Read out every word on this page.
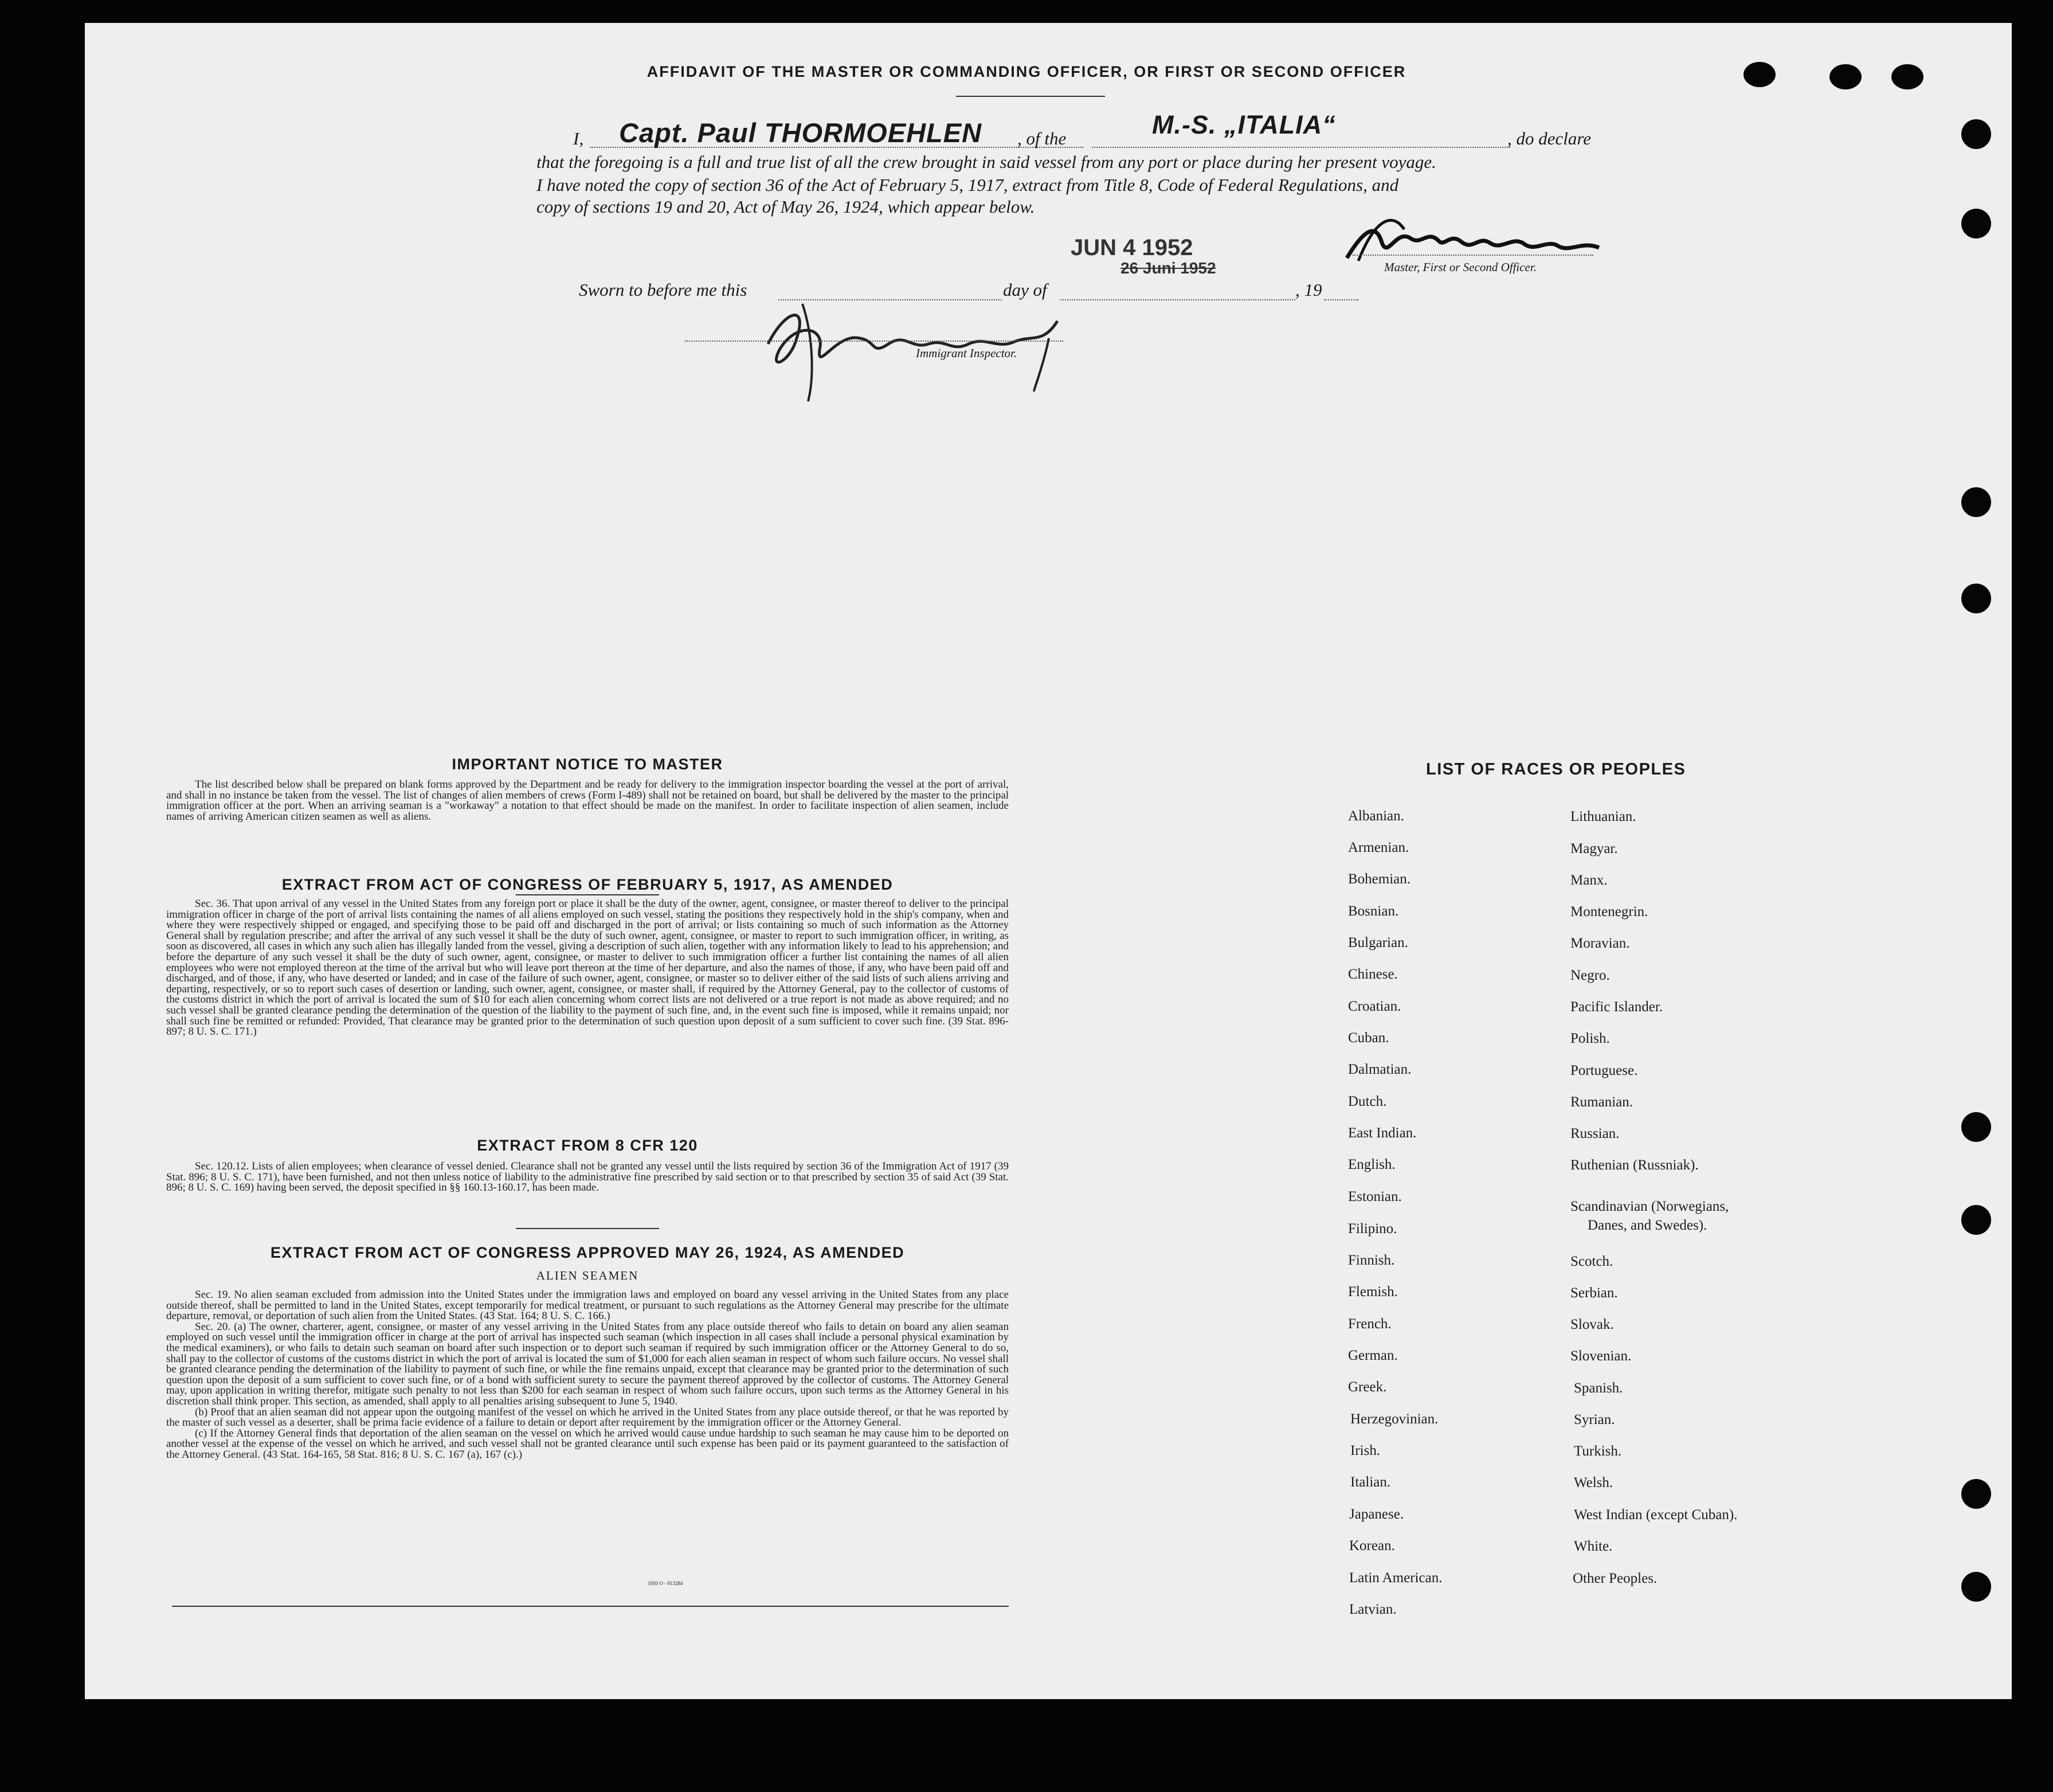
AFFIDAVIT OF THE MASTER OR COMMANDING OFFICER, OR FIRST OR SECOND OFFICER
I, Capt. Paul THORMOEHLEN , of the	M.-S. „ITALIA“	, do declare
that the foregoing is a full and true list of all the crew brought in said vessel from any port or place during her present voyage.
I have noted the copy of section 36 of the Act of February 5, 1917, extract from Title 8, Code of Federal Regulations, and
copy of sections 19 and 20, Act of May 26, 1924, which appear below.
JUN 4 1952
26 Juni 1952	Master, First or Second Officer.
Sworn to before me this	day of	, 19
Immigrant Inspector.
IMPORTANT NOTICE TO MASTER

The list described below shall be prepared on blank forms approved by the Department and be ready for delivery to the immigration inspector boarding the vessel at the port of arrival, and shall in no instance be taken from the vessel. The list of changes of alien members of crews (Form I-489) shall not be retained on board, but shall be delivered by the master to the principal immigration officer at the port. When an arriving seaman is a "workaway" a notation to that effect should be made on the manifest. In order to facilitate inspection of alien seamen, include names of arriving American citizen seamen as well as aliens.

EXTRACT FROM ACT OF CONGRESS OF FEBRUARY 5, 1917, AS AMENDED

Sec. 36. That upon arrival of any vessel in the United States from any foreign port or place it shall be the duty of the owner, agent, consignee, or master thereof to deliver to the principal immigration officer in charge of the port of arrival lists containing the names of all aliens employed on such vessel, stating the positions they respectively hold in the ship's company, when and where they were respectively shipped or engaged, and specifying those to be paid off and discharged in the port of arrival; or lists containing so much of such information as the Attorney General shall by regulation prescribe; and after the arrival of any such vessel it shall be the duty of such owner, agent, consignee, or master to report to such immigration officer, in writing, as soon as discovered, all cases in which any such alien has illegally landed from the vessel, giving a description of such alien, together with any information likely to lead to his apprehension; and before the departure of any such vessel it shall be the duty of such owner, agent, consignee, or master to deliver to such immigration officer a further list containing the names of all alien employees who were not employed thereon at the time of the arrival but who will leave port thereon at the time of her departure, and also the names of those, if any, who have been paid off and discharged, and of those, if any, who have deserted or landed; and in case of the failure of such owner, agent, consignee, or master so to deliver either of the said lists of such aliens arriving and departing, respectively, or so to report such cases of desertion or landing, such owner, agent, consignee, or master shall, if required by the Attorney General, pay to the collector of customs of the customs district in which the port of arrival is located the sum of $10 for each alien concerning whom correct lists are not delivered or a true report is not made as above required; and no such vessel shall be granted clearance pending the determination of the question of the liability to the payment of such fine, and, in the event such fine is imposed, while it remains unpaid; nor shall such fine be remitted or refunded: Provided, That clearance may be granted prior to the determination of such question upon deposit of a sum sufficient to cover such fine. (39 Stat. 896-897; 8 U. S. C. 171.)

EXTRACT FROM 8 CFR 120

Sec. 120.12. Lists of alien employees; when clearance of vessel denied. Clearance shall not be granted any vessel until the lists required by section 36 of the Immigration Act of 1917 (39 Stat. 896; 8 U. S. C. 171), have been furnished, and not then unless notice of liability to the administrative fine prescribed by said section or to that prescribed by section 35 of said Act (39 Stat. 896; 8 U. S. C. 169) having been served, the deposit specified in §§ 160.13-160.17, has been made.

EXTRACT FROM ACT OF CONGRESS APPROVED MAY 26, 1924, AS AMENDED
ALIEN SEAMEN

Sec. 19. No alien seaman excluded from admission into the United States under the immigration laws and employed on board any vessel arriving in the United States from any place outside thereof, shall be permitted to land in the United States, except temporarily for medical treatment, or pursuant to such regulations as the Attorney General may prescribe for the ultimate departure, removal, or deportation of such alien from the United States. (43 Stat. 164; 8 U. S. C. 166.)

Sec. 20. (a) The owner, charterer, agent, consignee, or master of any vessel arriving in the United States from any place outside thereof who fails to detain on board any alien seaman employed on such vessel until the immigration officer in charge at the port of arrival has inspected such seaman (which inspection in all cases shall include a personal physical examination by the medical examiners), or who fails to detain such seaman on board after such inspection or to deport such seaman if required by such immigration officer or the Attorney General to do so, shall pay to the collector of customs of the customs district in which the port of arrival is located the sum of $1,000 for each alien seaman in respect of whom such failure occurs. No vessel shall be granted clearance pending the determination of the liability to payment of such fine, or while the fine remains unpaid, except that clearance may be granted prior to the determination of such question upon the deposit of a sum sufficient to cover such fine, or of a bond with sufficient surety to secure the payment thereof approved by the collector of customs. The Attorney General may, upon application in writing therefor, mitigate such penalty to not less than $200 for each seaman in respect of whom such failure occurs, upon such terms as the Attorney General in his discretion shall think proper. This section, as amended, shall apply to all penalties arising subsequent to June 5, 1940.

(b) Proof that an alien seaman did not appear upon the outgoing manifest of the vessel on which he arrived in the United States from any place outside thereof, or that he was reported by the master of such vessel as a deserter, shall be prima facie evidence of a failure to detain or deport after requirement by the immigration officer or the Attorney General.

(c) If the Attorney General finds that deportation of the alien seaman on the vessel on which he arrived would cause undue hardship to such seaman he may cause him to be deported on another vessel at the expense of the vessel on which he arrived, and such vessel shall not be granted clearance until such expense has been paid or its payment guaranteed to the satisfaction of the Attorney General. (43 Stat. 164-165, 58 Stat. 816; 8 U. S. C. 167 (a), 167 (c).)

1950 O - 913284
LIST OF RACES OR PEOPLES
Albanian.
Armenian.
Bohemian.
Bosnian.
Bulgarian.
Chinese.
Croatian.
Cuban.
Dalmatian.
Dutch.
East Indian.
English.
Estonian.
Filipino.
Finnish.
Flemish.
French.
German.
Greek.
Herzegovinian.
Irish.
Italian.
Japanese.
Korean.
Latin American.
Latvian.
Lithuanian.
Magyar.
Manx.
Montenegrin.
Moravian.
Negro.
Pacific Islander.
Polish.
Portuguese.
Rumanian.
Russian.
Ruthenian (Russniak).
Scandinavian (Norwegians,
Danes, and Swedes).
Scotch.
Serbian.
Slovak.
Slovenian.
Spanish.
Syrian.
Turkish.
Welsh.
West Indian (except Cuban).
White.
Other Peoples.
